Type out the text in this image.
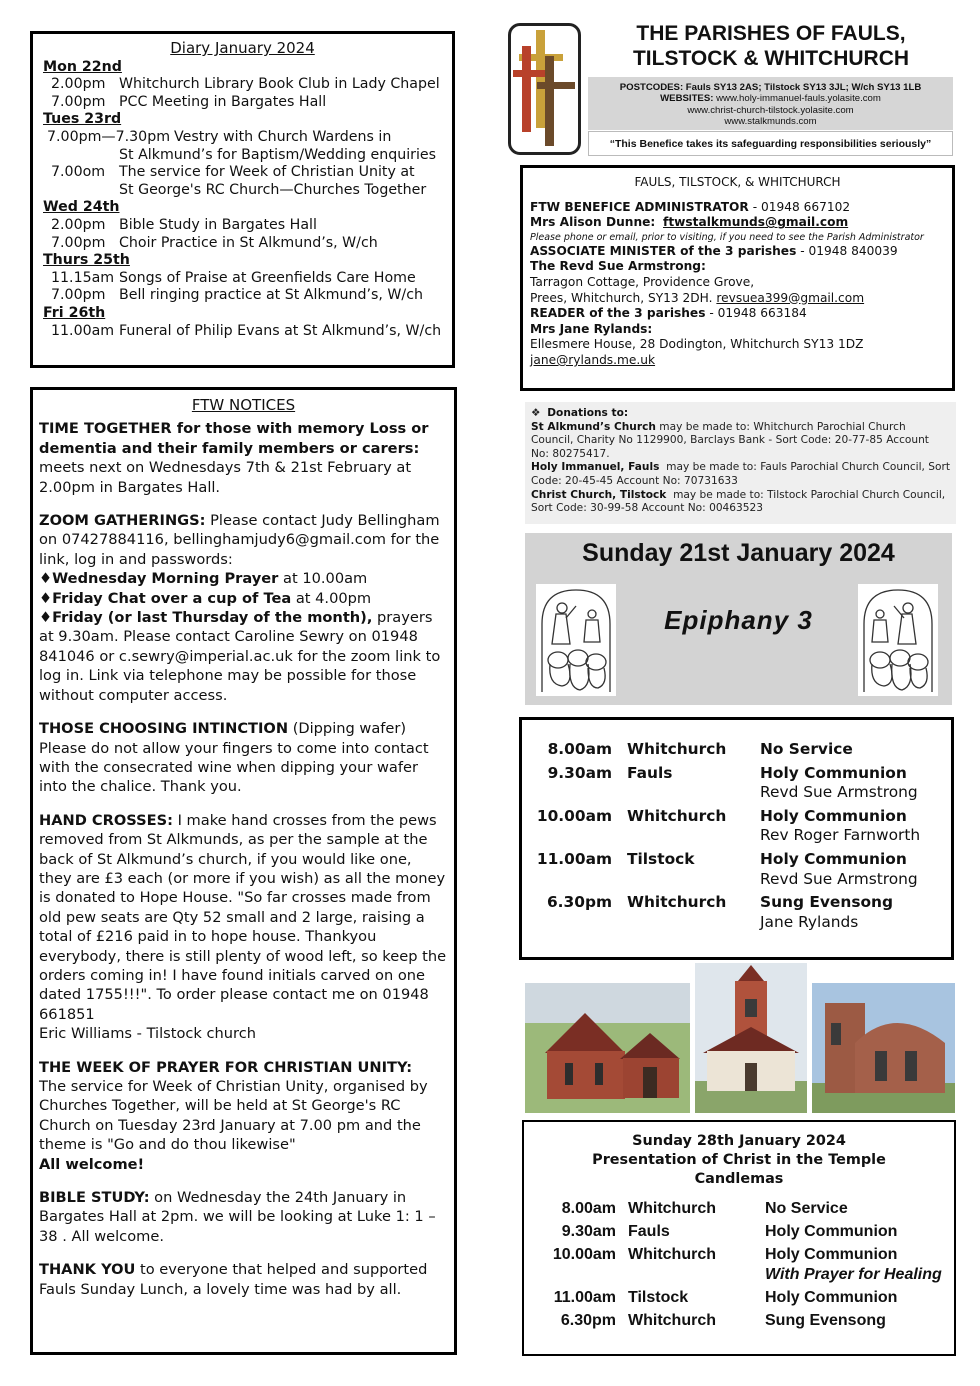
Diary January 2024
Mon 22nd
2.00pm Whitchurch Library Book Club in Lady Chapel
7.00pm PCC Meeting in Bargates Hall
Tues 23rd
7.00pm—7.30pm Vestry with Church Wardens in
St Alkmund’s for Baptism/Wedding enquiries
7.00om The service for Week of Christian Unity at
St George's RC Church—Churches Together
Wed 24th
2.00pm Bible Study in Bargates Hall
7.00pm Choir Practice in St Alkmund’s, W/ch
Thurs 25th
11.15am Songs of Praise at Greenfields Care Home
7.00pm Bell ringing practice at St Alkmund’s, W/ch
Fri 26th
11.00am Funeral of Philip Evans at St Alkmund’s, W/ch
FTW NOTICES
TIME TOGETHER for those with memory Loss or dementia and their family members or carers: meets next on Wednesdays 7th & 21st February at 2.00pm in Bargates Hall.
ZOOM GATHERINGS: Please contact Judy Bellingham on 07427884116, bellinghamjudy6@gmail.com for the link, log in and passwords:
♦Wednesday Morning Prayer at 10.00am
♦Friday Chat over a cup of Tea at 4.00pm
♦Friday (or last Thursday of the month), prayers at 9.30am. Please contact Caroline Sewry on 01948 841046 or c.sewry@imperial.ac.uk for the zoom link to log in. Link via telephone may be possible for those without computer access.
THOSE CHOOSING INTINCTION (Dipping wafer) Please do not allow your fingers to come into contact with the consecrated wine when dipping your wafer into the chalice. Thank you.
HAND CROSSES: I make hand crosses from the pews removed from St Alkmunds, as per the sample at the back of St Alkmund’s church, if you would like one, they are £3 each (or more if you wish) as all the money is donated to Hope House. "So far crosses made from old pew seats are Qty 52 small and 2 large, raising a total of £216 paid in to hope house. Thankyou everybody, there is still plenty of wood left, so keep the orders coming in! I have found initials carved on one dated 1755!!!". To order please contact me on 01948 661851
Eric Williams - Tilstock church
THE WEEK OF PRAYER FOR CHRISTIAN UNITY:
The service for Week of Christian Unity, organised by Churches Together, will be held at St George's RC Church on Tuesday 23rd January at 7.00 pm and the theme is "Go and do thou likewise"
All welcome!
BIBLE STUDY: on Wednesday the 24th January in Bargates Hall at 2pm. we will be looking at Luke 1: 1 – 38 . All welcome.
THANK YOU to everyone that helped and supported Fauls Sunday Lunch, a lovely time was had by all.
THE PARISHES OF FAULS,
TILSTOCK & WHITCHURCH
POSTCODES: Fauls SY13 2AS; Tilstock SY13 3JL; W/ch SY13 1LB
WEBSITES: www.holy-immanuel-fauls.yolasite.com
www.christ-church-tilstock.yolasite.com
www.stalkmunds.com
“This Benefice takes its safeguarding responsibilities seriously”
FAULS, TILSTOCK, & WHITCHURCH
FTW BENEFICE ADMINISTRATOR - 01948 667102
Mrs Alison Dunne: ftwstalkmunds@gmail.com
Please phone or email, prior to visiting, if you need to see the Parish Administrator
ASSOCIATE MINISTER of the 3 parishes - 01948 840039
The Revd Sue Armstrong:
Tarragon Cottage, Providence Grove,
Prees, Whitchurch, SY13 2DH. revsuea399@gmail.com
READER of the 3 parishes - 01948 663184
Mrs Jane Rylands:
Ellesmere House, 28 Dodington, Whitchurch SY13 1DZ
jane@rylands.me.uk
❖ Donations to:
St Alkmund’s Church may be made to: Whitchurch Parochial Church Council, Charity No 1129900, Barclays Bank - Sort Code: 20-77-85 Account No: 80275417.
Holy Immanuel, Fauls may be made to: Fauls Parochial Church Council, Sort Code: 20-45-45 Account No: 70731633
Christ Church, Tilstock may be made to: Tilstock Parochial Church Council, Sort Code: 30-99-58 Account No: 00463523
Sunday 21st January 2024
Epiphany 3
8.00am Whitchurch	No Service
9.30am Fauls	Holy Communion
Revd Sue Armstrong
10.00am Whitchurch	Holy Communion
Rev Roger Farnworth
11.00am Tilstock	Holy Communion
Revd Sue Armstrong
6.30pm Whitchurch	Sung Evensong
Jane Rylands
Sunday 28th January 2024
Presentation of Christ in the Temple
Candlemas
8.00am Whitchurch	No Service
9.30am Fauls	Holy Communion
10.00am Whitchurch	Holy Communion
With Prayer for Healing
11.00am Tilstock	Holy Communion
6.30pm Whitchurch	Sung Evensong
